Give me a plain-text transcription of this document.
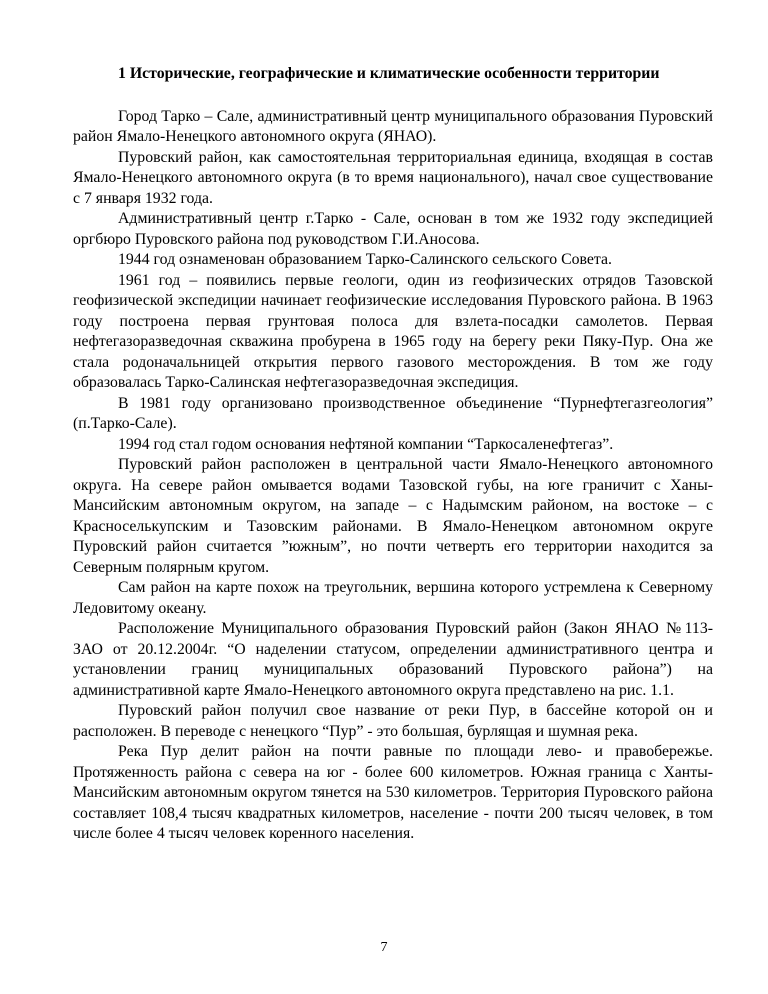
1 Исторические, географические и климатические особенности территории

Город Тарко – Сале, административный центр муниципального образования Пуровский район Ямало-Ненецкого автономного округа (ЯНАО).

Пуровский район, как самостоятельная территориальная единица, входящая в состав Ямало-Ненецкого автономного округа (в то время национального), начал свое существование с 7 января 1932 года.

Административный центр г.Тарко - Сале, основан в том же 1932 году экспедицией оргбюро Пуровского района под руководством Г.И.Аносова.

1944 год ознаменован образованием Тарко-Салинского сельского Совета.

1961 год – появились первые геологи, один из геофизических отрядов Тазовской геофизической экспедиции начинает геофизические исследования Пуровского района. В 1963 году построена первая грунтовая полоса для взлета-посадки самолетов. Первая нефтегазоразведочная скважина пробурена в 1965 году на берегу реки Пяку-Пур. Она же стала родоначальницей открытия первого газового месторождения. В том же году образовалась Тарко-Салинская нефтегазоразведочная экспедиция.

В 1981 году организовано производственное объединение “Пурнефтегазгеология” (п.Тарко-Сале).

1994 год стал годом основания нефтяной компании “Таркосаленефтегаз”.

Пуровский район расположен в центральной части Ямало-Ненецкого автономного округа. На севере район омывается водами Тазовской губы, на юге граничит с Ханы-Мансийским автономным округом, на западе – с Надымским районом, на востоке – с Красноселькупским и Тазовским районами. В Ямало-Ненецком автономном округе Пуровский район считается ”южным”, но почти четверть его территории находится за Северным полярным кругом.

Сам район на карте похож на треугольник, вершина которого устремлена к Северному Ледовитому океану.

Расположение Муниципального образования Пуровский район (Закон ЯНАО №113-ЗАО от 20.12.2004г. “О наделении статусом, определении административного центра и установлении границ муниципальных образований Пуровского района”) на административной карте Ямало-Ненецкого автономного округа представлено на рис. 1.1.

Пуровский район получил свое название от реки Пур, в бассейне которой он и расположен. В переводе с ненецкого “Пур” - это большая, бурлящая и шумная река.

Река Пур делит район на почти равные по площади лево- и правобережье. Протяженность района с севера на юг - более 600 километров. Южная граница с Ханты-Мансийским автономным округом тянется на 530 километров. Территория Пуровского района составляет 108,4 тысяч квадратных километров, население - почти 200 тысяч человек, в том числе более 4 тысяч человек коренного населения.

7
